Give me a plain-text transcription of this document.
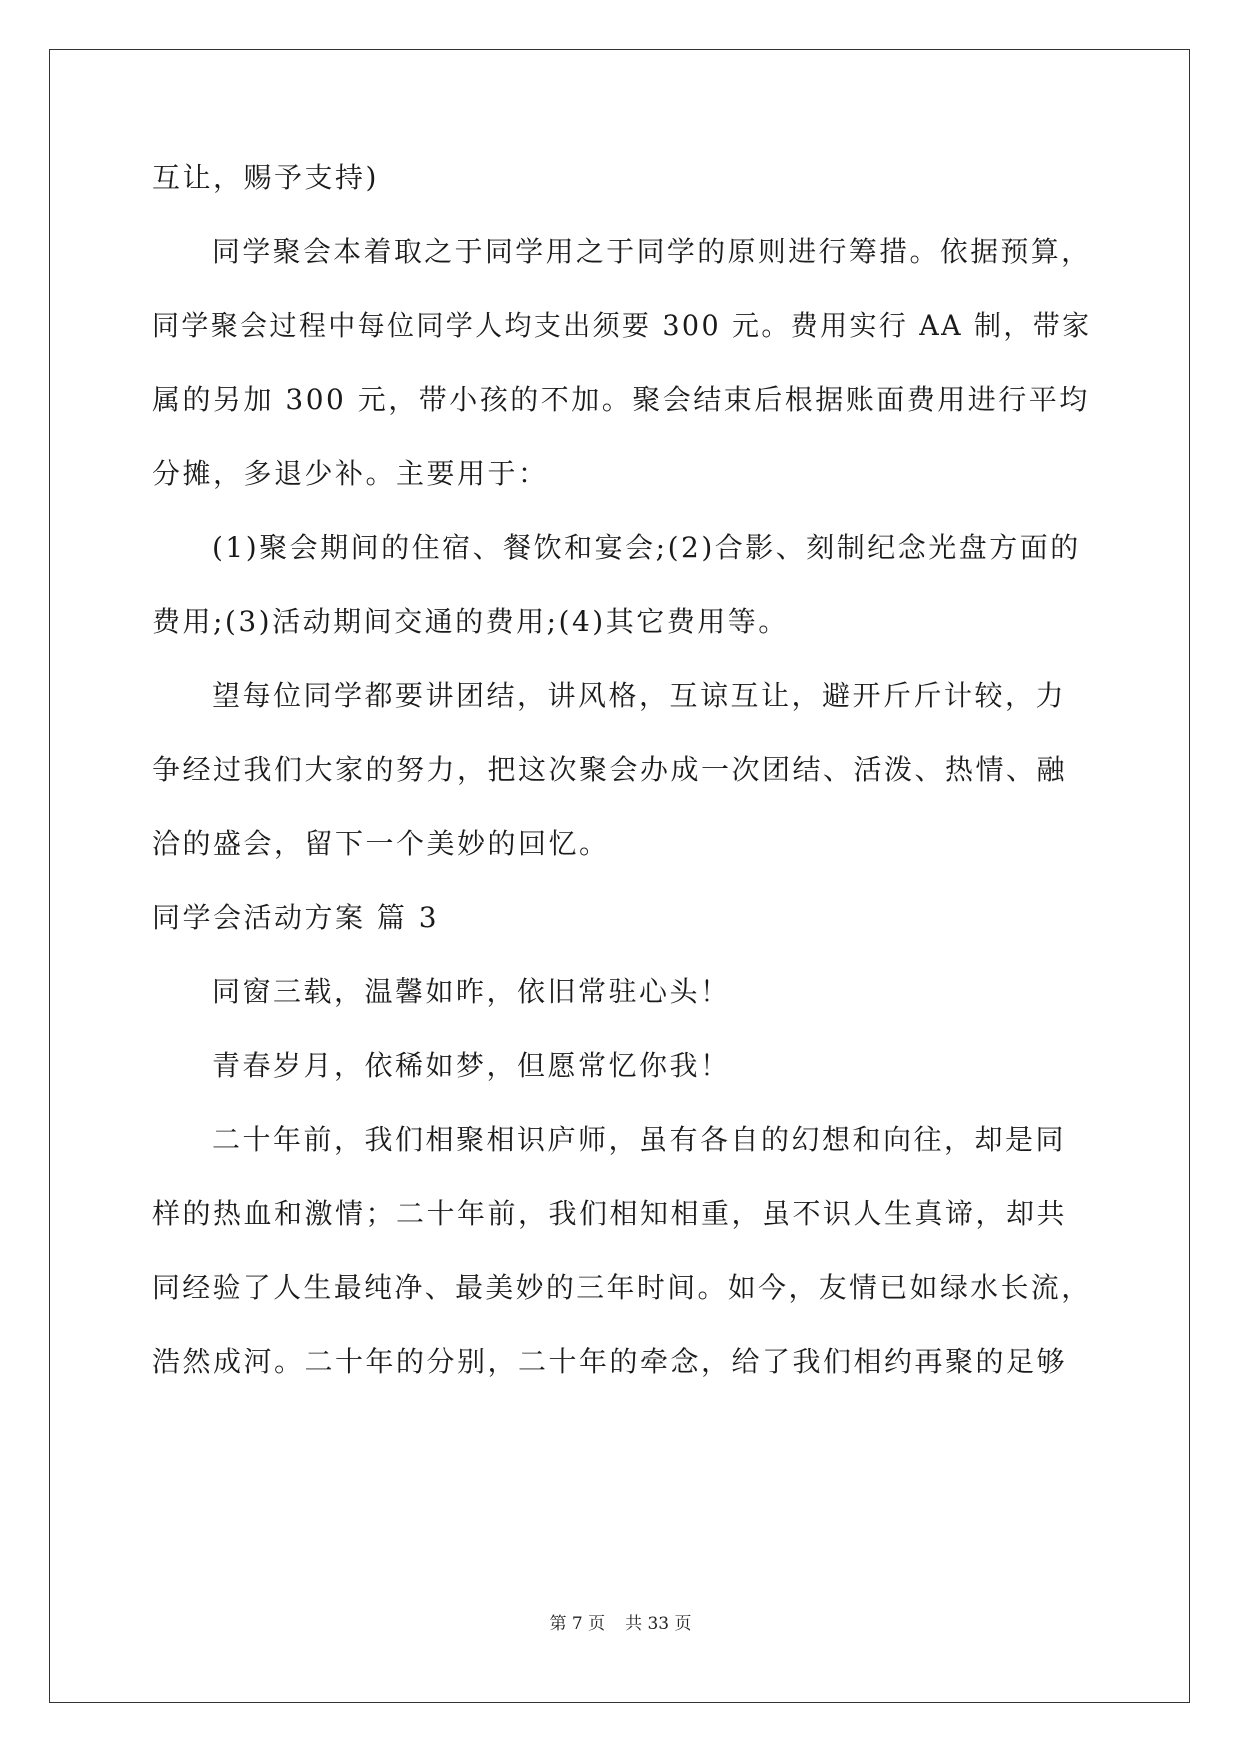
互让，赐予支持)
同学聚会本着取之于同学用之于同学的原则进行筹措。依据预算，
同学聚会过程中每位同学人均支出须要 300 元。费用实行 AA 制，带家
属的另加 300 元，带小孩的不加。聚会结束后根据账面费用进行平均
分摊，多退少补。主要用于：
(1)聚会期间的住宿、餐饮和宴会;(2)合影、刻制纪念光盘方面的
费用;(3)活动期间交通的费用;(4)其它费用等。
望每位同学都要讲团结，讲风格，互谅互让，避开斤斤计较，力
争经过我们大家的努力，把这次聚会办成一次团结、活泼、热情、融
洽的盛会，留下一个美妙的回忆。
同学会活动方案 篇 3
同窗三载，温馨如昨，依旧常驻心头！
青春岁月，依稀如梦，但愿常忆你我！
二十年前，我们相聚相识庐师，虽有各自的幻想和向往，却是同
样的热血和激情；二十年前，我们相知相重，虽不识人生真谛，却共
同经验了人生最纯净、最美妙的三年时间。如今，友情已如绿水长流，
浩然成河。二十年的分别，二十年的牵念，给了我们相约再聚的足够
第 7 页 共 33 页
